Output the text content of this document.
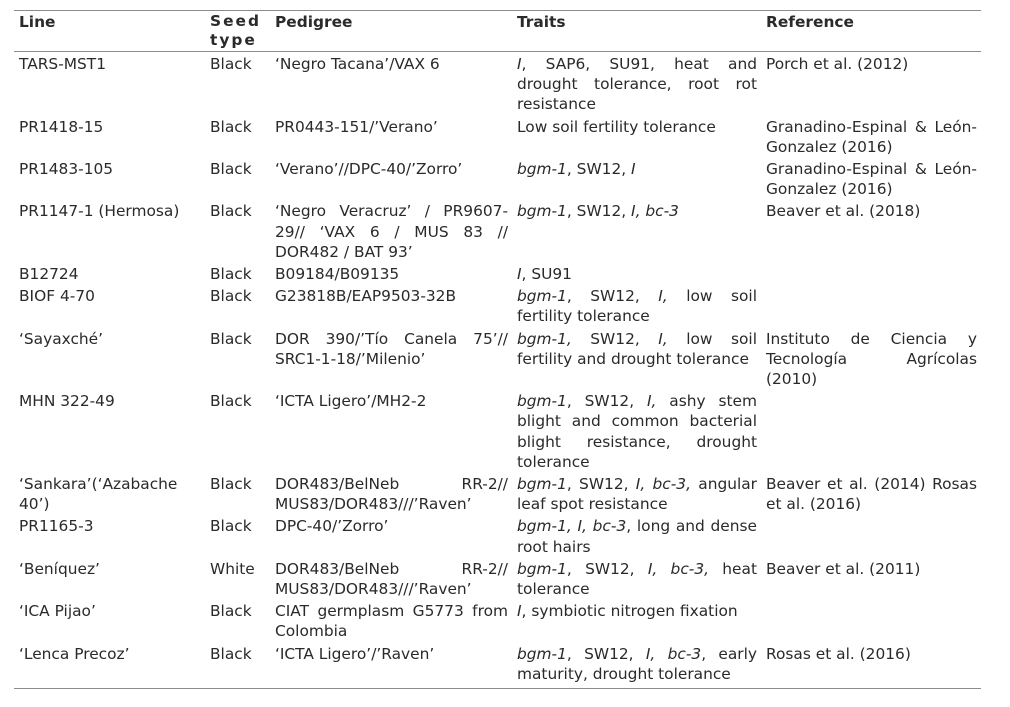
Line	Seed type	Pedigree	Traits	Reference
TARS-MST1	Black	‘Negro Tacana’/VAX 6	I, SAP6, SU91, heat and drought tolerance, root rot resistance	Porch et al. (2012)
PR1418-15	Black	PR0443-151/’Verano’	Low soil fertility tolerance	Granadino-Espinal & León-Gonzalez (2016)
PR1483-105	Black	‘Verano’//DPC-40/’Zorro’	bgm-1, SW12, I	Granadino-Espinal & León-Gonzalez (2016)
PR1147-1 (Hermosa)	Black	‘Negro Veracruz’ / PR9607-29// ‘VAX 6 / MUS 83 // DOR482 / BAT 93’	bgm-1, SW12, I, bc-3	Beaver et al. (2018)
B12724	Black	B09184/B09135	I, SU91	
BIOF 4-70	Black	G23818B/EAP9503-32B	bgm-1, SW12, I, low soil fertility tolerance	
‘Sayaxché’	Black	DOR 390/’Tío Canela 75’// SRC1-1-18/’Milenio’	bgm-1, SW12, I, low soil fertility and drought tolerance	Instituto de Ciencia y Tecnología Agrícolas (2010)
MHN 322-49	Black	‘ICTA Ligero’/MH2-2	bgm-1, SW12, I, ashy stem blight and common bacterial blight resistance, drought tolerance	
‘Sankara’(‘Azabache 40’)	Black	DOR483/BelNeb RR-2// MUS83/DOR483///’Raven’	bgm-1, SW12, I, bc-3, angular leaf spot resistance	Beaver et al. (2014) Rosas et al. (2016)
PR1165-3	Black	DPC-40/’Zorro’	bgm-1, I, bc-3, long and dense root hairs	
‘Beníquez’	White	DOR483/BelNeb RR-2// MUS83/DOR483///’Raven’	bgm-1, SW12, I, bc-3, heat tolerance	Beaver et al. (2011)
‘ICA Pijao’	Black	CIAT germplasm G5773 from Colombia	I, symbiotic nitrogen fixation	
‘Lenca Precoz’	Black	‘ICTA Ligero’/’Raven’	bgm-1, SW12, I, bc-3, early maturity, drought tolerance	Rosas et al. (2016)
